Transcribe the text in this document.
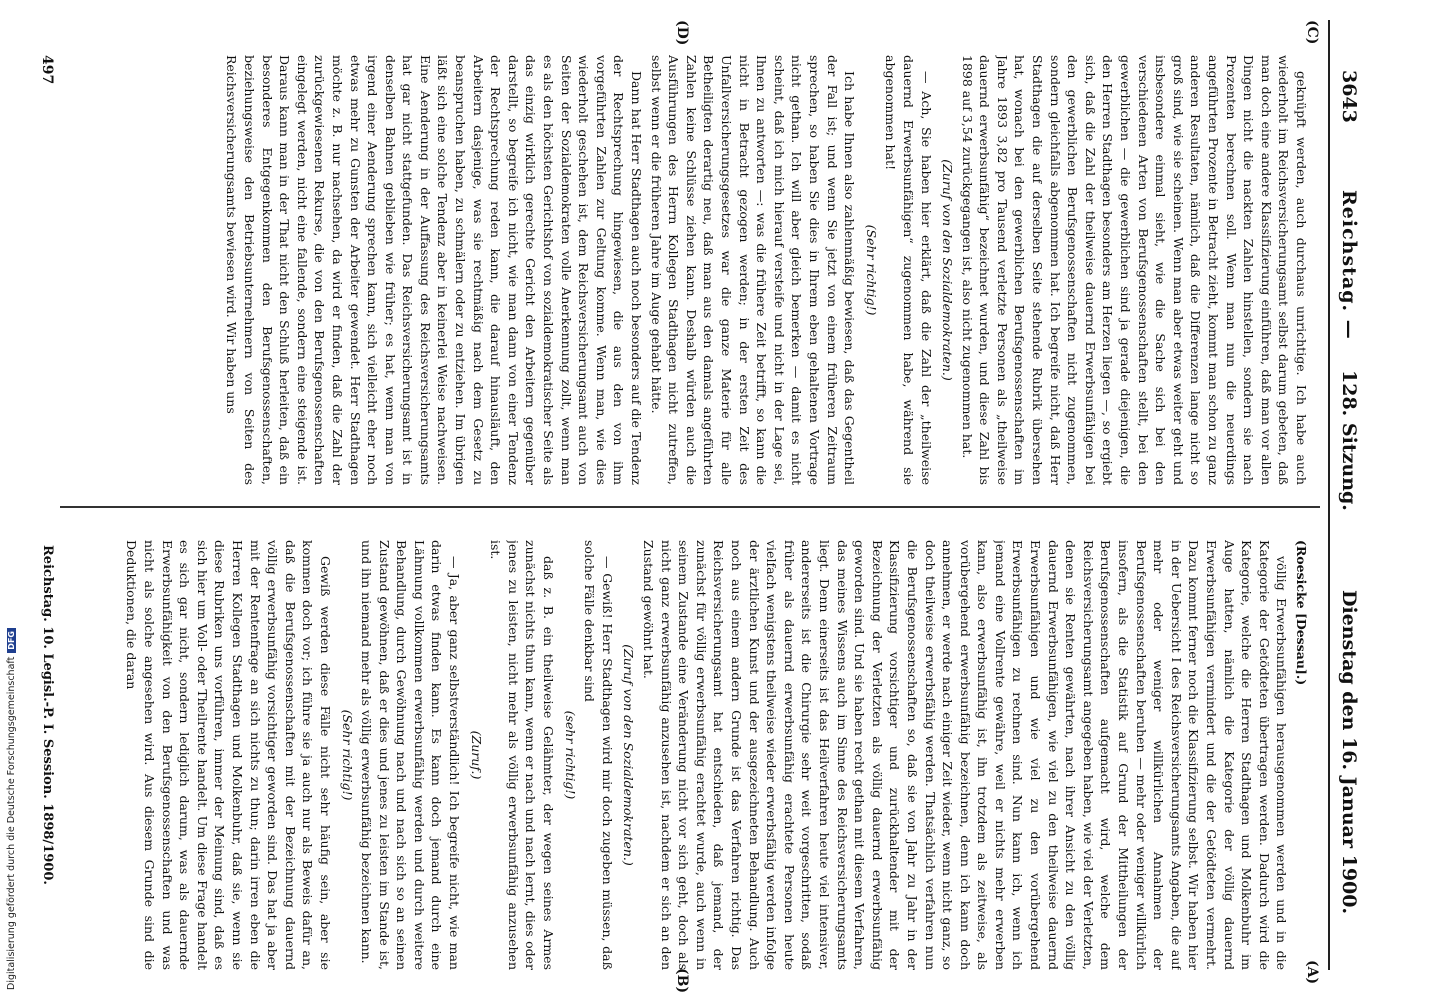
3643
Reichstag. —
128. Sitzung.
Dienstag den 16. Januar 1900.
(C)
(A)
(D)
(B)

geknüpft werden, auch durchaus unrichtige. Ich habe auch wiederholt im Reichsversicherungsamt selbst darum gebeten, daß man doch eine andere Klassifizierung einführen, daß man vor allen Dingen nicht die nackten Zahlen hinstellen, sondern sie nach Prozenten berechnen soll. Wenn man nun die neuerdings angeführten Prozente in Betracht zieht, kommt man schon zu ganz anderen Resultaten, nämlich, daß die Differenzen lange nicht so groß sind, wie sie scheinen. Wenn man aber etwas weiter geht und insbesondere einmal sieht, wie die Sache sich bei den verschiedenen Arten von Berufsgenossenschaften stellt, bei den gewerblichen — die gewerblichen sind ja gerade diejenigen, die den Herren Stadthagen besonders am Herzen liegen —, so ergiebt sich, daß die Zahl der theilweise dauernd Erwerbsunfähigen bei den gewerblichen Berufsgenossenschaften nicht zugenommen, sondern gleichfalls abgenommen hat. Ich begreife nicht, daß Herr Stadthagen die auf derselben Seite stehende Rubrik übersehen hat, wonach bei den gewerblichen Berufsgenossenschaften im Jahre 1893 3,82 pro Tausend verletzte Personen als „theilweise dauernd erwerbsunfähig“ bezeichnet wurden, und diese Zahl bis 1898 auf 3,54 zurückgegangen ist, also nicht zugenommen hat.

(Zuruf von den Sozialdemokraten.)

— Ach, Sie haben hier erklärt, daß die Zahl der „theilweise dauernd Erwerbsunfähigen“ zugenommen habe, während sie abgenommen hat!

(Sehr richtig!)

Ich habe Ihnen also zahlenmäßig bewiesen, daß das Gegentheil der Fall ist; und wenn Sie jetzt von einem früheren Zeitraum sprechen, so haben Sie dies in Ihrem eben gehaltenen Vortrage nicht gethan. Ich will aber gleich bemerken — damit es nicht scheint, daß ich mich hierauf versteife und nicht in der Lage sei, Ihnen zu antworten —: was die frühere Zeit betrifft, so kann die nicht in Betracht gezogen werden; in der ersten Zeit des Unfallversicherungsgesetzes war die ganze Materie für alle Betheiligten derartig neu, daß man aus den damals angeführten Zahlen keine Schlüsse ziehen kann. Deshalb würden auch die Ausführungen des Herrn Kollegen Stadthagen nicht zutreffen, selbst wenn er die früheren Jahre im Auge gehabt hätte.

Dann hat Herr Stadthagen auch noch besonders auf die Tendenz der Rechtsprechung hingewiesen, die aus den von ihm vorgeführten Zahlen zur Geltung komme. Wenn man, wie dies wiederholt geschehen ist, dem Reichsversicherungsamt auch von Seiten der Sozialdemokraten volle Anerkennung zollt, wenn man es als den höchsten Gerichtshof von sozialdemokratischer Seite als das einzig wirklich gerechte Gericht den Arbeitern gegenüber darstellt, so begreife ich nicht, wie man dann von einer Tendenz der Rechtsprechung reden kann, die darauf hinausläuft, den Arbeitern dasjenige, was sie rechtmäßig nach dem Gesetz zu beanspruchen haben, zu schmälern oder zu entziehen. Im übrigen läßt sich eine solche Tendenz aber in keinerlei Weise nachweisen. Eine Aenderung in der Auffassung des Reichsversicherungsamts hat gar nicht stattgefunden. Das Reichsversicherungsamt ist in denselben Bahnen geblieben wie früher; es hat, wenn man von irgend einer Aenderung sprechen kann, sich vielleicht eher noch etwas mehr zu Gunsten der Arbeiter gewendet. Herr Stadthagen möchte z. B. nur nachsehen, da wird er finden, daß die Zahl der zurückgewiesenen Rekurse, die von den Berufsgenossenschaften eingelegt werden, nicht eine fallende, sondern eine steigende ist. Daraus kann man in der That nicht den Schluß herleiten, daß ein besonderes Entgegenkommen den Berufsgenossenschaften, beziehungsweise den Betriebsunternehmern von Seiten des Reichsversicherungsamts bewiesen wird. Wir haben uns

(Roesicke [Dessau].)

völlig Erwerbsunfähigen herausgenommen werden und in die Kategorie der Getödteten übertragen werden. Dadurch wird die Kategorie, welche die Herren Stadthagen und Molkenbuhr im Auge hatten, nämlich die Kategorie der völlig dauernd Erwerbsunfähigen vermindert und die der Getödteten vermehrt. Dazu kommt ferner noch die Klassifizierung selbst. Wir haben hier in der Uebersicht I des Reichsversicherungsamts Angaben, die auf mehr oder weniger willkürlichen Annahmen der Berufsgenossenschaften beruhen — mehr oder weniger willkürlich insofern, als die Statistik auf Grund der Mittheilungen der Berufsgenossenschaften aufgemacht wird, welche dem Reichsversicherungsamt angegeben haben, wie viel der Verletzten, denen sie Renten gewährten, nach ihrer Ansicht zu den völlig dauernd Erwerbsunfähigen, wie viel zu den theilweise dauernd Erwerbsunfähigen und wie viel zu den vorübergehend Erwerbsunfähigen zu rechnen sind. Nun kann ich, wenn ich jemand eine Vollrente gewähre, weil er nichts mehr erwerben kann, also erwerbsunfähig ist, ihn trotzdem als zeitweise, als vorübergehend erwerbsunfähig bezeichnen, denn ich kann doch annehmen, er werde nach einiger Zeit wieder, wenn nicht ganz, so doch theilweise erwerbsfähig werden. Thatsächlich verfahren nun die Berufsgenossenschaften so, daß sie von Jahr zu Jahr in der Klassifizierung vorsichtiger und zurückhaltender mit der Bezeichnung der Verletzten als völlig dauernd erwerbsunfähig geworden sind. Und sie haben recht gethan mit diesem Verfahren, das meines Wissens auch im Sinne des Reichsversicherungsamts liegt. Denn einerseits ist das Heilverfahren heute viel intensiver, andererseits ist die Chirurgie sehr weit vorgeschritten, sodaß früher als dauernd erwerbsunfähig erachtete Personen heute vielfach wenigstens theilweise wieder erwerbsfähig werden infolge der ärztlichen Kunst und der ausgezeichneten Behandlung. Auch noch aus einem andern Grunde ist das Verfahren richtig. Das Reichsversicherungsamt hat entschieden, daß jemand, der zunächst für völlig erwerbsunfähig erachtet wurde, auch wenn in seinem Zustande eine Veränderung nicht vor sich geht, doch als nicht ganz erwerbsunfähig anzusehen ist, nachdem er sich an den Zustand gewöhnt hat.

(Zuruf von den Sozialdemokraten.)

— Gewiß! Herr Stadthagen wird mir doch zugeben müssen, daß solche Fälle denkbar sind

(sehr richtig!)

daß z. B. ein theilweise Gelähmter, der wegen seines Armes zunächst nichts thun kann, wenn er nach und nach lernt, dies oder jenes zu leisten, nicht mehr als völlig erwerbsunfähig anzusehen ist.

(Zuruf.)

— Ja, aber ganz selbstverständlich! Ich begreife nicht, wie man darin etwas finden kann. Es kann doch jemand durch eine Lähmung vollkommen erwerbsunfähig werden und durch weitere Behandlung, durch Gewöhnung nach und nach sich so an seinen Zustand gewöhnen, daß er dies und jenes zu leisten im Stande ist, und ihn niemand mehr als völlig erwerbsunfähig bezeichnen kann.

(Sehr richtig!)

Gewiß werden diese Fälle nicht sehr häufig sein, aber sie kommen doch vor; ich führe sie ja auch nur als Beweis dafür an, daß die Berufsgenossenschaften mit der Bezeichnung dauernd völlig erwerbsunfähig vorsichtiger geworden sind. Das hat ja aber mit der Rentenfrage an sich nichts zu thun; darin irren eben die Herren Kollegen Stadthagen und Molkenbuhr, daß sie, wenn sie diese Rubriken uns vorführen, immer der Meinung sind, daß es sich hier um Voll- oder Theilrente handelt. Um diese Frage handelt es sich gar nicht, sondern lediglich darum, was als dauernde Erwerbsunfähigkeit von den Berufsgenossenschaften und was nicht als solche angesehen wird. Aus diesem Grunde sind die Deduktionen, die daran

Reichstag. 10. Legisl.-P. I. Session. 1898/1900.
497
Digitalisierung gefördert durch die Deutsche ForschungsgemeinschaftDFG
